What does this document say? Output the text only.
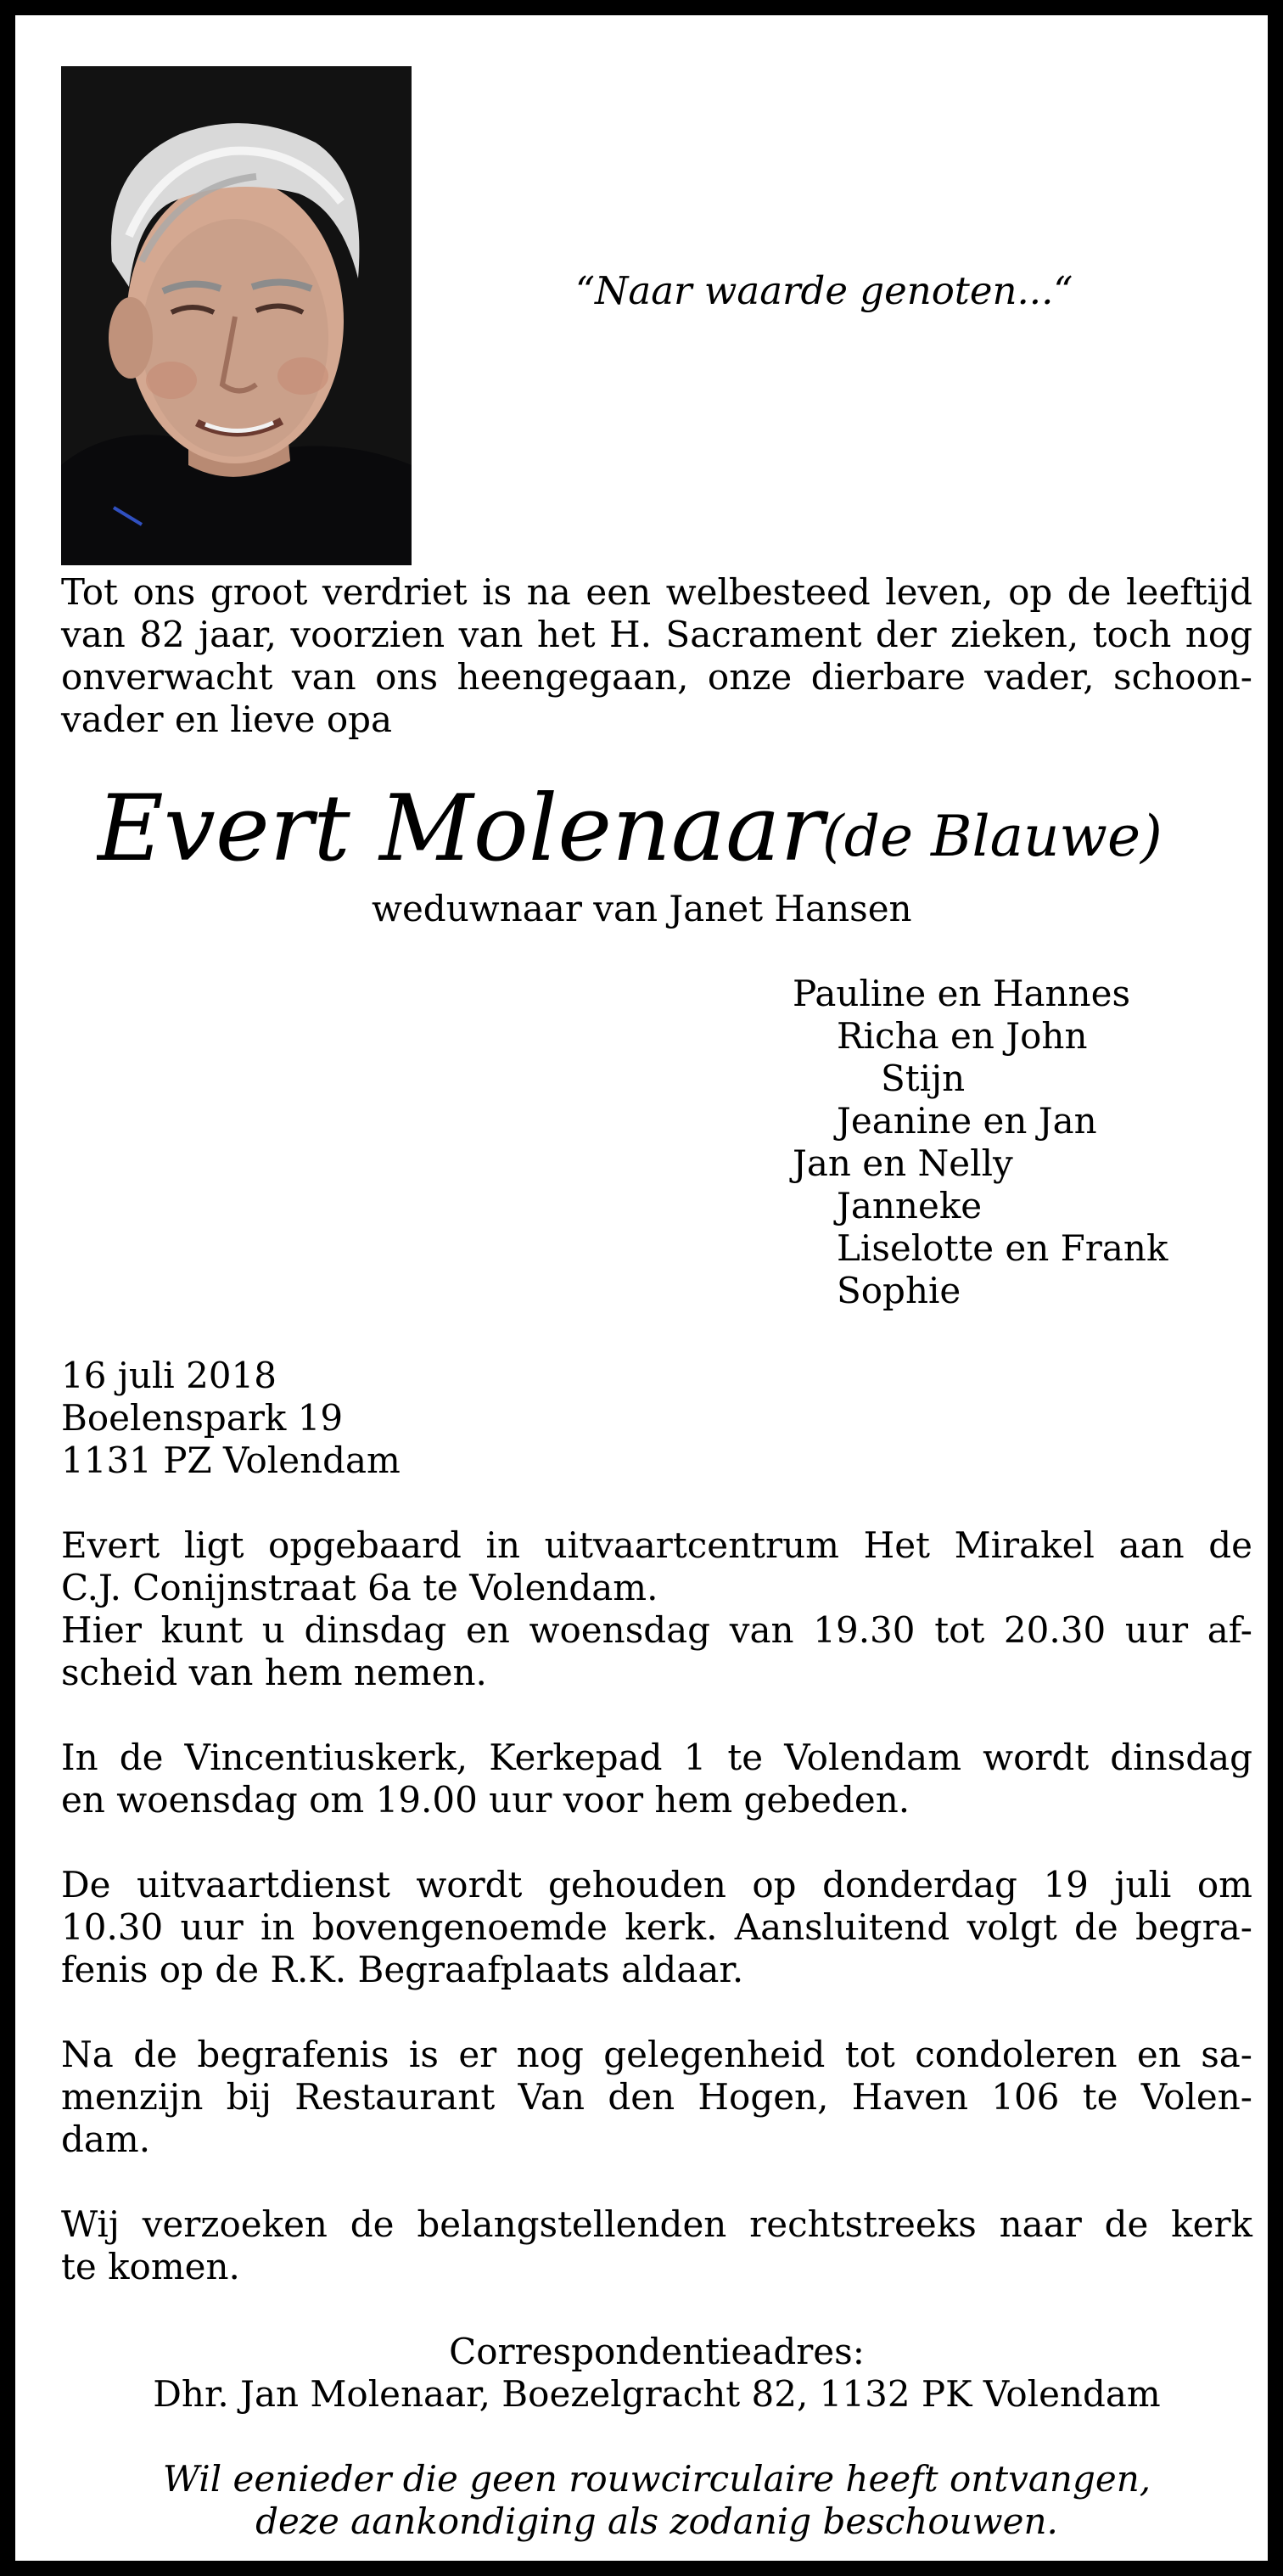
“Naar waarde genoten...“
Tot ons groot verdriet is na een welbesteed leven, op de leeftijd
van 82 jaar, voorzien van het H. Sacrament der zieken, toch nog
onverwacht van ons heengegaan, onze dierbare vader, schoon-
vader en lieve opa
Evert Molenaar
(de Blauwe)
weduwnaar van Janet Hansen
Pauline en Hannes
Richa en John
Stijn
Jeanine en Jan
Jan en Nelly
Janneke
Liselotte en Frank
Sophie
16 juli 2018
Boelenspark 19
1131 PZ Volendam
Evert ligt opgebaard in uitvaartcentrum Het Mirakel aan de
C.J. Conijnstraat 6a te Volendam.
Hier kunt u dinsdag en woensdag van 19.30 tot 20.30 uur af-
scheid van hem nemen.
In de Vincentiuskerk, Kerkepad 1 te Volendam wordt dinsdag
en woensdag om 19.00 uur voor hem gebeden.
De uitvaartdienst wordt gehouden op donderdag 19 juli om
10.30 uur in bovengenoemde kerk. Aansluitend volgt de begra-
fenis op de R.K. Begraafplaats aldaar.
Na de begrafenis is er nog gelegenheid tot condoleren en sa-
menzijn bij Restaurant Van den Hogen, Haven 106 te Volen-
dam.
Wij verzoeken de belangstellenden rechtstreeks naar de kerk
te komen.
Correspondentieadres:
Dhr. Jan Molenaar, Boezelgracht 82, 1132 PK Volendam
Wil eenieder die geen rouwcirculaire heeft ontvangen,
deze aankondiging als zodanig beschouwen.
